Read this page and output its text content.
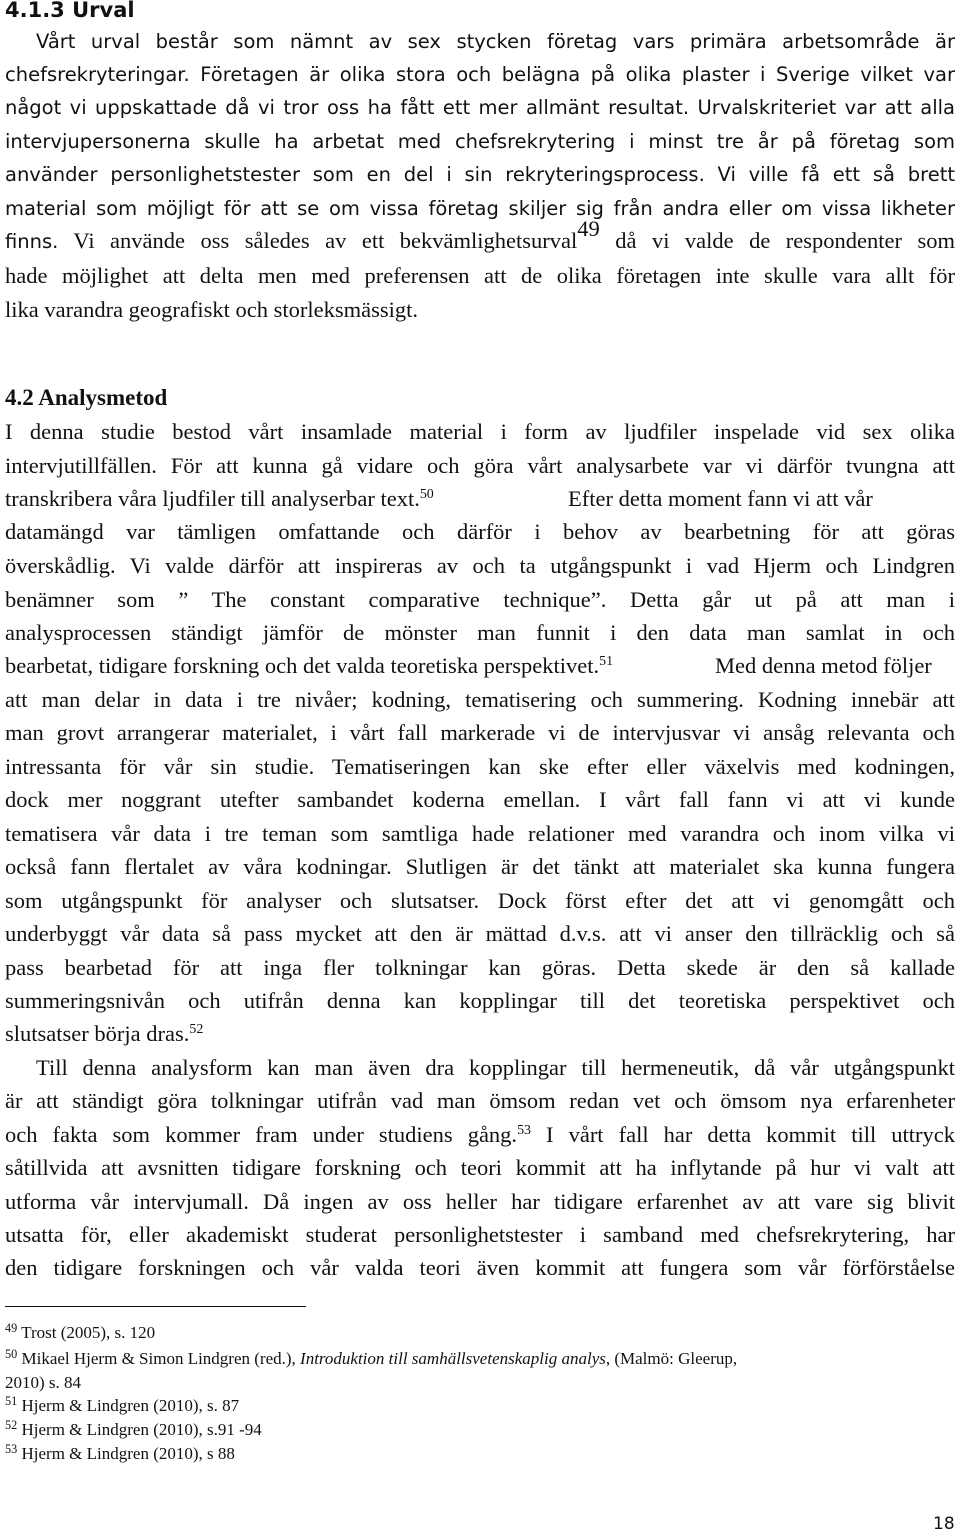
4.1.3 Urval
Vårt urval består som nämnt av sex stycken företag vars primära arbetsområde är
chefsrekryteringar. Företagen är olika stora och belägna på olika plaster i Sverige vilket var
något vi uppskattade då vi tror oss ha fått ett mer allmänt resultat. Urvalskriteriet var att alla
intervjupersonerna skulle ha arbetat med chefsrekrytering i minst tre år på företag som
använder personlighetstester som en del i sin rekryteringsprocess. Vi ville få ett så brett
material som möjligt för att se om vissa företag skiljer sig från andra eller om vissa likheter
finns. Vi använde oss således av ett bekvämlighetsurval$^{49}$ då vi valde de respondenter som
hade möjlighet att delta men med preferensen att de olika företagen inte skulle vara allt för
lika varandra geografiskt och storleksmässigt.
4.2 Analysmetod
I denna studie bestod vårt insamlade material i form av ljudfiler inspelade vid sex olika
intervjutillfällen. För att kunna gå vidare och göra vårt analysarbete var vi därför tvungna att
transkribera våra ljudfiler till analyserbar text.$^{50}$	Efter detta moment fann vi att vår
datamängd var tämligen omfattande och därför i behov av bearbetning för att göras
överskådlig. Vi valde därför att inspireras av och ta utgångspunkt i vad Hjerm och Lindgren
benämner som ” The constant comparative technique”. Detta går ut på att man i
analysprocessen ständigt jämför de mönster man funnit i den data man samlat in och
bearbetat, tidigare forskning och det valda teoretiska perspektivet.$^{51}$	Med denna metod följer
att man delar in data i tre nivåer; kodning, tematisering och summering. Kodning innebär att
man grovt arrangerar materialet, i vårt fall markerade vi de intervjusvar vi ansåg relevanta och
intressanta för vår sin studie. Tematiseringen kan ske efter eller växelvis med kodningen,
dock mer noggrant utefter sambandet koderna emellan. I vårt fall fann vi att vi kunde
tematisera vår data i tre teman som samtliga hade relationer med varandra och inom vilka vi
också fann flertalet av våra kodningar. Slutligen är det tänkt att materialet ska kunna fungera
som utgångspunkt för analyser och slutsatser. Dock först efter det att vi genomgått och
underbyggt vår data så pass mycket att den är mättad d.v.s. att vi anser den tillräcklig och så
pass bearbetad för att inga fler tolkningar kan göras. Detta skede är den så kallade
summeringsnivån och utifrån denna kan kopplingar till det teoretiska perspektivet och
slutsatser börja dras.$^{52}$
Till denna analysform kan man även dra kopplingar till hermeneutik, då vår utgångspunkt
är att ständigt göra tolkningar utifrån vad man ömsom redan vet och ömsom nya erfarenheter
och fakta som kommer fram under studiens gång.$^{53}$ I vårt fall har detta kommit till uttryck
såtillvida att avsnitten tidigare forskning och teori kommit att ha inflytande på hur vi valt att
utforma vår intervjumall. Då ingen av oss heller har tidigare erfarenhet av att vare sig blivit
utsatta för, eller akademiskt studerat personlighetstester i samband med chefsrekrytering, har
den tidigare forskningen och vår valda teori även kommit att fungera som vår förförståelse
$^{49}$ Trost (2005), s. 120
$^{50}$ Mikael Hjerm & Simon Lindgren (red.), Introduktion till samhällsvetenskaplig analys, (Malmö: Gleerup,
2010) s. 84
$^{51}$ Hjerm & Lindgren (2010), s. 87
$^{52}$ Hjerm & Lindgren (2010), s.91 -94
$^{53}$ Hjerm & Lindgren (2010), s 88
18
